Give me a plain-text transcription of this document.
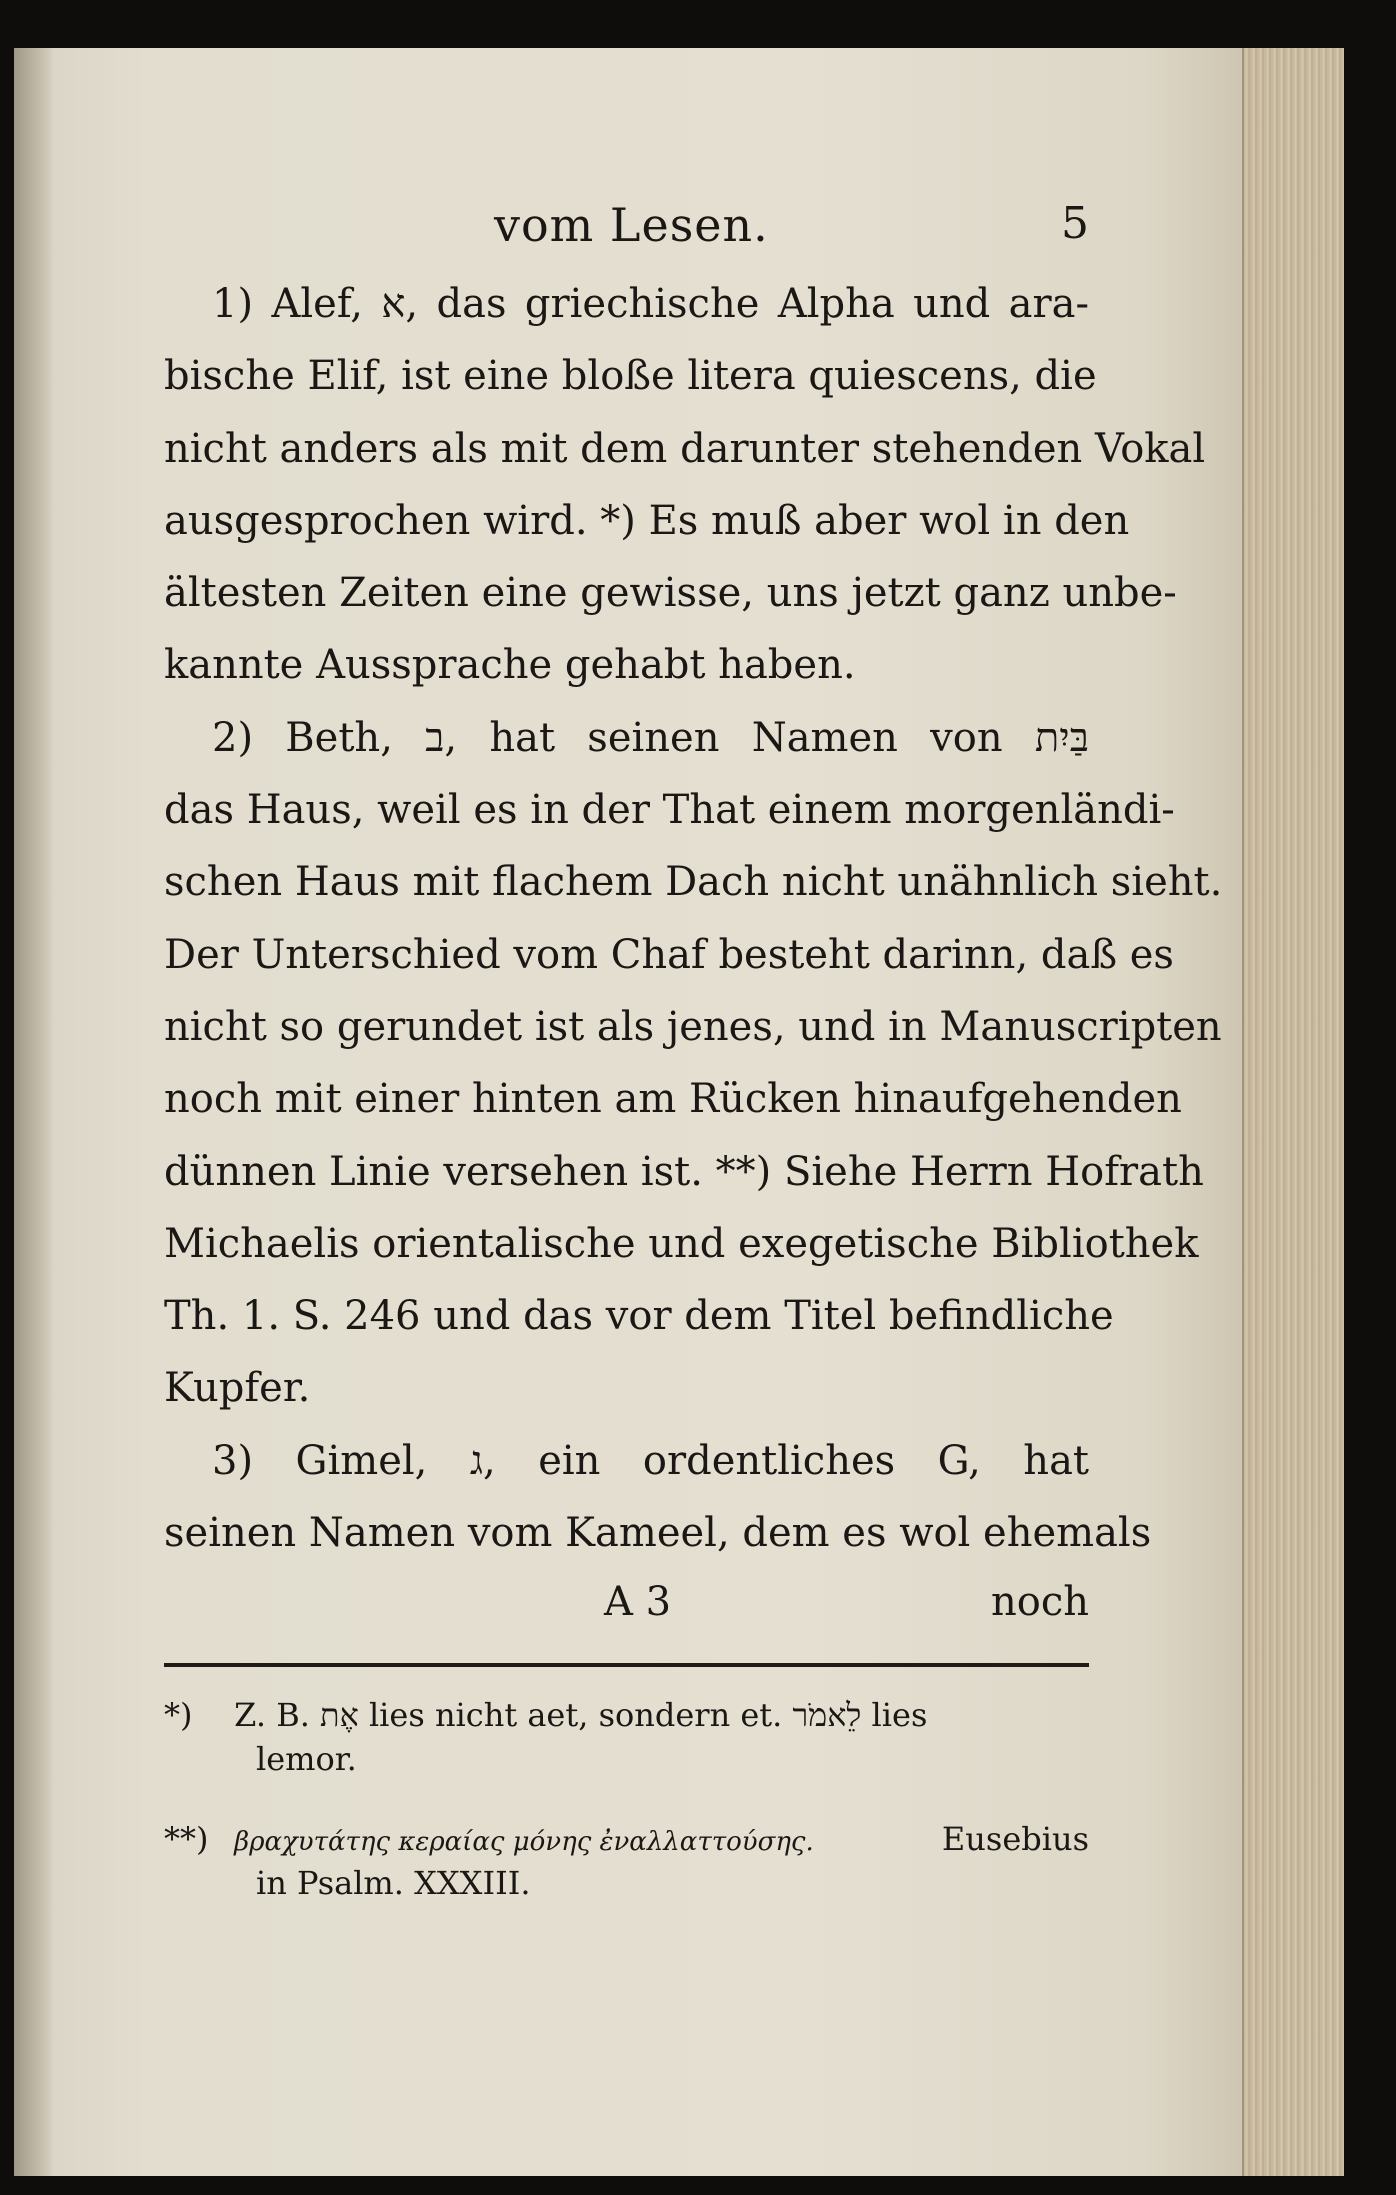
vom Lesen.	5
1) Alef, א, das griechische Alpha und ara-
bische Elif, ist eine bloße litera quiescens, die
nicht anders als mit dem darunter stehenden Vokal
ausgesprochen wird. *) Es muß aber wol in den
ältesten Zeiten eine gewisse, uns jetzt ganz unbe-
kannte Aussprache gehabt haben.
2) Beth, ב, hat seinen Namen von בַּיִת
das Haus, weil es in der That einem morgenländi-
schen Haus mit flachem Dach nicht unähnlich sieht.
Der Unterschied vom Chaf besteht darinn, daß es
nicht so gerundet ist als jenes, und in Manuscripten
noch mit einer hinten am Rücken hinaufgehenden
dünnen Linie versehen ist. **) Siehe Herrn Hofrath
Michaelis orientalische und exegetische Bibliothek
Th. 1. S. 246 und das vor dem Titel befindliche
Kupfer.
3) Gimel, ג, ein ordentliches G, hat
seinen Namen vom Kameel, dem es wol ehemals
A 3	noch
*) Z. B. אֶת lies nicht aet, sondern et. לֵאמֹר lies
lemor.
**) βραχυτάτης κεραίας μόνης ἐναλλαττούσης.	Eusebius
in Psalm. XXXIII.
